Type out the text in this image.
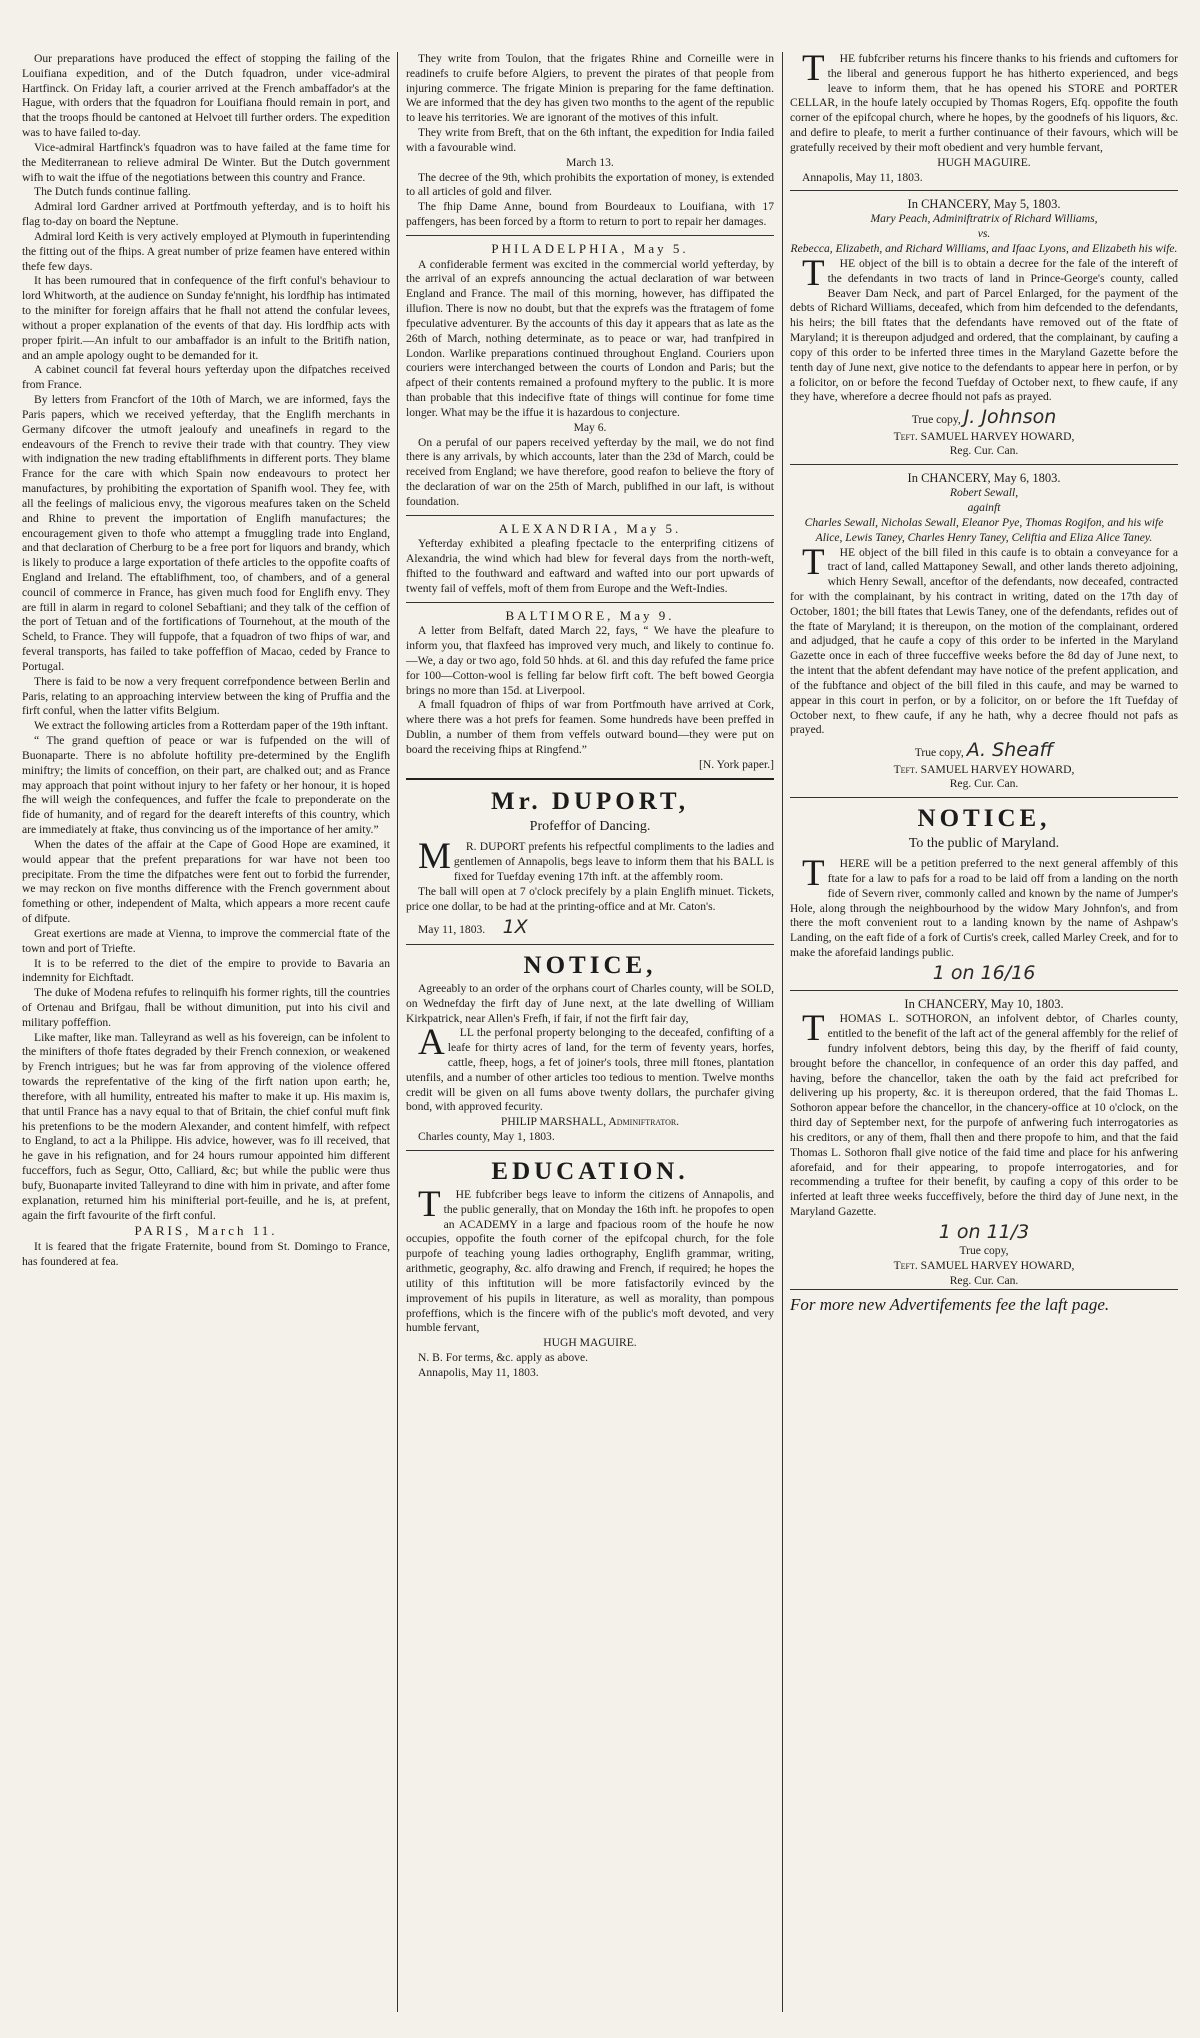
Our preparations have produced the effect of stopping the failing of the Louifiana expedition, and of the Dutch fquadron, under vice-admiral Hartfinck. On Friday laft, a courier arrived at the French ambaffador's at the Hague, with orders that the fquadron for Louifiana fhould remain in port, and that the troops fhould be cantoned at Helvoet till further orders. The expedition was to have failed to-day.

Vice-admiral Hartfinck's fquadron was to have failed at the fame time for the Mediterranean to relieve admiral De Winter. But the Dutch government wifh to wait the iffue of the negotiations between this country and France.

The Dutch funds continue falling.

Admiral lord Gardner arrived at Portfmouth yefterday, and is to hoift his flag to-day on board the Neptune.

Admiral lord Keith is very actively employed at Plymouth in fuperintending the fitting out of the fhips. A great number of prize feamen have entered within thefe few days.

It has been rumoured that in confequence of the firft conful's behaviour to lord Whitworth, at the audience on Sunday fe'nnight, his lordfhip has intimated to the minifter for foreign affairs that he fhall not attend the confular levees, without a proper explanation of the events of that day. His lordfhip acts with proper fpirit.—An infult to our ambaffador is an infult to the Britifh nation, and an ample apology ought to be demanded for it.

A cabinet council fat feveral hours yefterday upon the difpatches received from France.

By letters from Francfort of the 10th of March, we are informed, fays the Paris papers, which we received yefterday, that the Englifh merchants in Germany difcover the utmoft jealoufy and uneafinefs in regard to the endeavours of the French to revive their trade with that country. They view with indignation the new trading eftablifhments in different ports. They blame France for the care with which Spain now endeavours to protect her manufactures, by prohibiting the exportation of Spanifh wool. They fee, with all the feelings of malicious envy, the vigorous meafures taken on the Scheld and Rhine to prevent the importation of Englifh manufactures; the encouragement given to thofe who attempt a fmuggling trade into England, and that declaration of Cherburg to be a free port for liquors and brandy, which is likely to produce a large exportation of thefe articles to the oppofite coafts of England and Ireland. The eftablifhment, too, of chambers, and of a general council of commerce in France, has given much food for Englifh envy. They are ftill in alarm in regard to colonel Sebaftiani; and they talk of the ceffion of the port of Tetuan and of the fortifications of Tournehout, at the mouth of the Scheld, to France. They will fuppofe, that a fquadron of two fhips of war, and feveral transports, has failed to take poffeffion of Macao, ceded by France to Portugal.

There is faid to be now a very frequent correfpondence between Berlin and Paris, relating to an approaching interview between the king of Pruffia and the firft conful, when the latter vifits Belgium.

We extract the following articles from a Rotterdam paper of the 19th inftant.

“ The grand queftion of peace or war is fufpended on the will of Buonaparte. There is no abfolute hoftility pre-determined by the Englifh miniftry; the limits of conceffion, on their part, are chalked out; and as France may approach that point without injury to her fafety or her honour, it is hoped fhe will weigh the confequences, and fuffer the fcale to preponderate on the fide of humanity, and of regard for the deareft interefts of this country, which are immediately at ftake, thus convincing us of the importance of her amity.”

When the dates of the affair at the Cape of Good Hope are examined, it would appear that the prefent preparations for war have not been too precipitate. From the time the difpatches were fent out to forbid the furrender, we may reckon on five months difference with the French government about fomething or other, independent of Malta, which appears a more recent caufe of difpute.

Great exertions are made at Vienna, to improve the commercial ftate of the town and port of Triefte.

It is to be referred to the diet of the empire to provide to Bavaria an indemnity for Eichftadt.

The duke of Modena refufes to relinquifh his former rights, till the countries of Ortenau and Brifgau, fhall be without dimunition, put into his civil and military poffeffion.

Like mafter, like man. Talleyrand as well as his fovereign, can be infolent to the minifters of thofe ftates degraded by their French connexion, or weakened by French intrigues; but he was far from approving of the violence offered towards the reprefentative of the king of the firft nation upon earth; he, therefore, with all humility, entreated his mafter to make it up. His maxim is, that until France has a navy equal to that of Britain, the chief conful muft fink his pretenfions to be the modern Alexander, and content himfelf, with refpect to England, to act a la Philippe. His advice, however, was fo ill received, that he gave in his refignation, and for 24 hours rumour appointed him different fucceffors, fuch as Segur, Otto, Calliard, &c; but while the public were thus bufy, Buonaparte invited Talleyrand to dine with him in private, and after fome explanation, returned him his minifterial port-feuille, and he is, at prefent, again the firft favourite of the firft conful.

PARIS, March 11.

It is feared that the frigate Fraternite, bound from St. Domingo to France, has foundered at fea.

They write from Toulon, that the frigates Rhine and Corneille were in readinefs to cruife before Algiers, to prevent the pirates of that people from injuring commerce. The frigate Minion is preparing for the fame deftination. We are informed that the dey has given two months to the agent of the republic to leave his territories. We are ignorant of the motives of this infult.

They write from Breft, that on the 6th inftant, the expedition for India failed with a favourable wind.

March 13.

The decree of the 9th, which prohibits the exportation of money, is extended to all articles of gold and filver.

The fhip Dame Anne, bound from Bourdeaux to Louifiana, with 17 paffengers, has been forced by a ftorm to return to port to repair her damages.

PHILADELPHIA, May 5.

A confiderable ferment was excited in the commercial world yefterday, by the arrival of an exprefs announcing the actual declaration of war between England and France. The mail of this morning, however, has diffipated the illufion. There is now no doubt, but that the exprefs was the ftratagem of fome fpeculative adventurer. By the accounts of this day it appears that as late as the 26th of March, nothing determinate, as to peace or war, had tranfpired in London. Warlike preparations continued throughout England. Couriers upon couriers were interchanged between the courts of London and Paris; but the afpect of their contents remained a profound myftery to the public. It is more than probable that this indecifive ftate of things will continue for fome time longer. What may be the iffue it is hazardous to conjecture.

May 6.

On a perufal of our papers received yefterday by the mail, we do not find there is any arrivals, by which accounts, later than the 23d of March, could be received from England; we have therefore, good reafon to believe the ftory of the declaration of war on the 25th of March, publifhed in our laft, is without foundation.

ALEXANDRIA, May 5.

Yefterday exhibited a pleafing fpectacle to the enterprifing citizens of Alexandria, the wind which had blew for feveral days from the north-weft, fhifted to the fouthward and eaftward and wafted into our port upwards of twenty fail of veffels, moft of them from Europe and the Weft-Indies.

BALTIMORE, May 9.

A letter from Belfaft, dated March 22, fays, “ We have the pleafure to inform you, that flaxfeed has improved very much, and likely to continue fo. —We, a day or two ago, fold 50 hhds. at 6l. and this day refufed the fame price for 100—Cotton-wool is felling far below firft coft. The beft bowed Georgia brings no more than 15d. at Liverpool.

A fmall fquadron of fhips of war from Portfmouth have arrived at Cork, where there was a hot prefs for feamen. Some hundreds have been preffed in Dublin, a number of them from veffels outward bound—they were put on board the receiving fhips at Ringfend.”

[N. York paper.]

Mr. DUPORT,
Profeffor of Dancing.

MR. DUPORT prefents his refpectful compliments to the ladies and gentlemen of Annapolis, begs leave to inform them that his BALL is fixed for Tuefday evening 17th inft. at the affembly room.

The ball will open at 7 o'clock precifely by a plain Englifh minuet. Tickets, price one dollar, to be had at the printing-office and at Mr. Caton's.

May 11, 1803. 1X

NOTICE,

Agreeably to an order of the orphans court of Charles county, will be SOLD, on Wednefday the firft day of June next, at the late dwelling of William Kirkpatrick, near Allen's Frefh, if fair, if not the firft fair day,

ALL the perfonal property belonging to the deceafed, confifting of a leafe for thirty acres of land, for the term of feventy years, horfes, cattle, fheep, hogs, a fet of joiner's tools, three mill ftones, plantation utenfils, and a number of other articles too tedious to mention. Twelve months credit will be given on all fums above twenty dollars, the purchafer giving bond, with approved fecurity.

PHILIP MARSHALL, Adminiftrator.

Charles county, May 1, 1803.

EDUCATION.

THE fubfcriber begs leave to inform the citizens of Annapolis, and the public generally, that on Monday the 16th inft. he propofes to open an ACADEMY in a large and fpacious room of the houfe he now occupies, oppofite the fouth corner of the epifcopal church, for the fole purpofe of teaching young ladies orthography, Englifh grammar, writing, arithmetic, geography, &c. alfo drawing and French, if required; he hopes the utility of this inftitution will be more fatisfactorily evinced by the improvement of his pupils in literature, as well as morality, than pompous profeffions, which is the fincere wifh of the public's moft devoted, and very humble fervant,

HUGH MAGUIRE.

N. B. For terms, &c. apply as above.

Annapolis, May 11, 1803.

THE fubfcriber returns his fincere thanks to his friends and cuftomers for the liberal and generous fupport he has hitherto experienced, and begs leave to inform them, that he has opened his STORE and PORTER CELLAR, in the houfe lately occupied by Thomas Rogers, Efq. oppofite the fouth corner of the epifcopal church, where he hopes, by the goodnefs of his liquors, &c. and defire to pleafe, to merit a further continuance of their favours, which will be gratefully received by their moft obedient and very humble fervant,

HUGH MAGUIRE.

Annapolis, May 11, 1803.

In CHANCERY, May 5, 1803.

Mary Peach, Adminiftratrix of Richard Williams,

vs.

Rebecca, Elizabeth, and Richard Williams, and Ifaac Lyons, and Elizabeth his wife.

THE object of the bill is to obtain a decree for the fale of the intereft of the defendants in two tracts of land in Prince-George's county, called Beaver Dam Neck, and part of Parcel Enlarged, for the payment of the debts of Richard Williams, deceafed, which from him defcended to the defendants, his heirs; the bill ftates that the defendants have removed out of the ftate of Maryland; it is thereupon adjudged and ordered, that the complainant, by caufing a copy of this order to be inferted three times in the Maryland Gazette before the tenth day of June next, give notice to the defendants to appear here in perfon, or by a folicitor, on or before the fecond Tuefday of October next, to fhew caufe, if any they have, wherefore a decree fhould not pafs as prayed.

True copy, J. Johnson

Teft. SAMUEL HARVEY HOWARD,

Reg. Cur. Can.

In CHANCERY, May 6, 1803.

Robert Sewall,

againft

Charles Sewall, Nicholas Sewall, Eleanor Pye, Thomas Rogifon, and his wife Alice, Lewis Taney, Charles Henry Taney, Celiftia and Eliza Alice Taney.

THE object of the bill filed in this caufe is to obtain a conveyance for a tract of land, called Mattaponey Sewall, and other lands thereto adjoining, which Henry Sewall, anceftor of the defendants, now deceafed, contracted for with the complainant, by his contract in writing, dated on the 17th day of October, 1801; the bill ftates that Lewis Taney, one of the defendants, refides out of the ftate of Maryland; it is thereupon, on the motion of the complainant, ordered and adjudged, that he caufe a copy of this order to be inferted in the Maryland Gazette once in each of three fucceffive weeks before the 8d day of June next, to the intent that the abfent defendant may have notice of the prefent application, and of the fubftance and object of the bill filed in this caufe, and may be warned to appear in this court in perfon, or by a folicitor, on or before the 1ft Tuefday of October next, to fhew caufe, if any he hath, why a decree fhould not pafs as prayed.

True copy, A. Sheaff

Teft. SAMUEL HARVEY HOWARD,

Reg. Cur. Can.

NOTICE,
To the public of Maryland.

THERE will be a petition preferred to the next general affembly of this ftate for a law to pafs for a road to be laid off from a landing on the north fide of Severn river, commonly called and known by the name of Jumper's Hole, along through the neighbourhood by the widow Mary Johnfon's, and from there the moft convenient rout to a landing known by the name of Ashpaw's Landing, on the eaft fide of a fork of Curtis's creek, called Marley Creek, and for to make the aforefaid landings public.

1 on 16/16

In CHANCERY, May 10, 1803.

THOMAS L. SOTHORON, an infolvent debtor, of Charles county, entitled to the benefit of the laft act of the general affembly for the relief of fundry infolvent debtors, being this day, by the fheriff of faid county, brought before the chancellor, in confequence of an order this day paffed, and having, before the chancellor, taken the oath by the faid act prefcribed for delivering up his property, &c. it is thereupon ordered, that the faid Thomas L. Sothoron appear before the chancellor, in the chancery-office at 10 o'clock, on the third day of September next, for the purpofe of anfwering fuch interrogatories as his creditors, or any of them, fhall then and there propofe to him, and that the faid Thomas L. Sothoron fhall give notice of the faid time and place for his anfwering aforefaid, and for their appearing, to propofe interrogatories, and for recommending a truftee for their benefit, by caufing a copy of this order to be inferted at leaft three weeks fucceffively, before the third day of June next, in the Maryland Gazette.

1 on 11/3

True copy,

Teft. SAMUEL HARVEY HOWARD,

Reg. Cur. Can.

For more new Advertifements fee the laft page.
